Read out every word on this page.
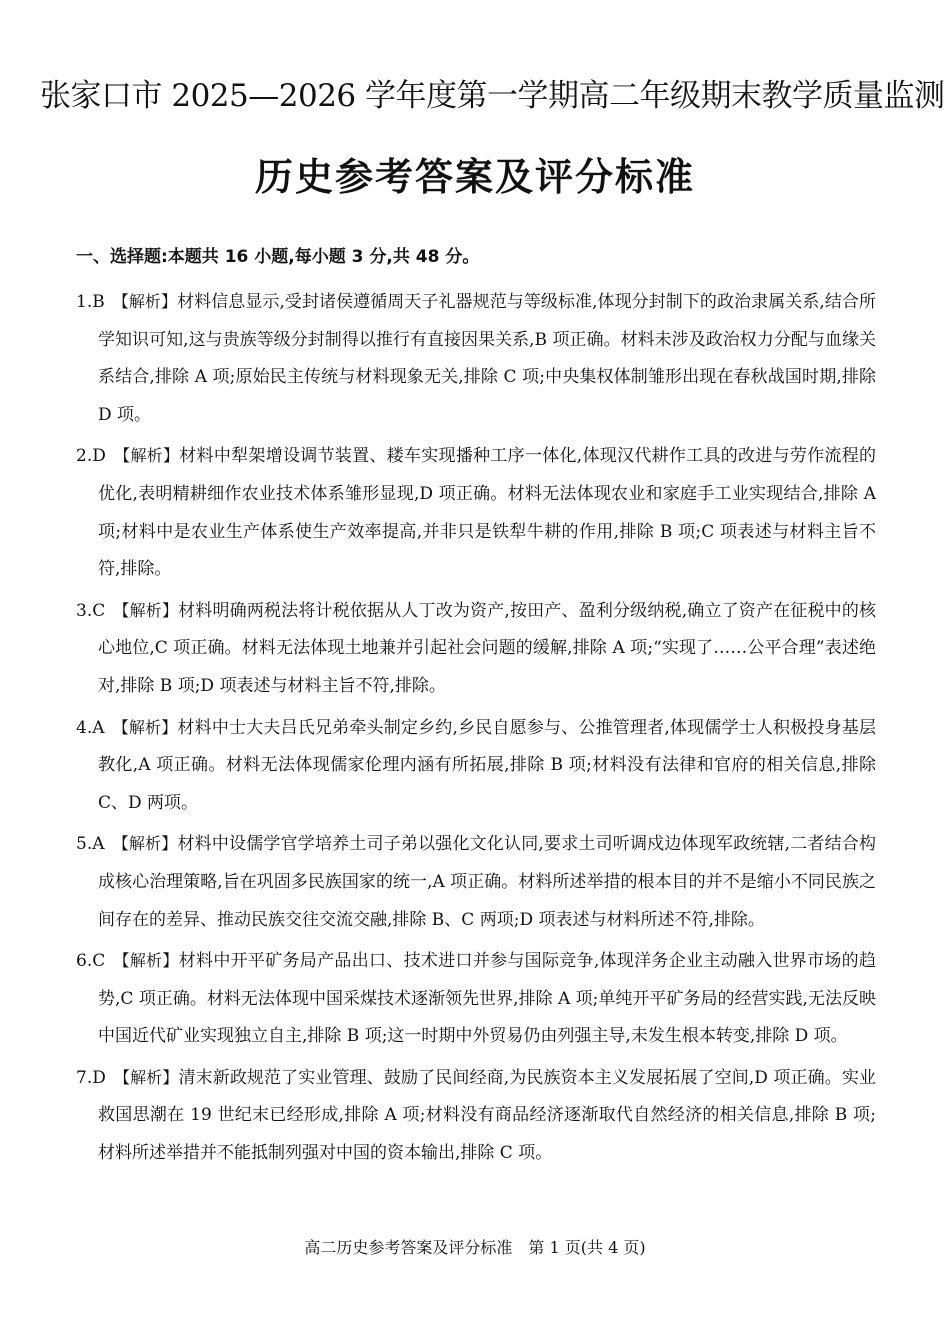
张家口市 2025—2026 学年度第一学期高二年级期末教学质量监测
历史参考答案及评分标准
一、选择题:本题共 16 小题,每小题 3 分,共 48 分。

1.B 【解析】材料信息显示,受封诸侯遵循周天子礼器规范与等级标准,体现分封制下的政治隶属关系,结合所学知识可知,这与贵族等级分封制得以推行有直接因果关系,B 项正确。材料未涉及政治权力分配与血缘关系结合,排除 A 项;原始民主传统与材料现象无关,排除 C 项;中央集权体制雏形出现在春秋战国时期,排除 D 项。

2.D 【解析】材料中犁架增设调节装置、耧车实现播种工序一体化,体现汉代耕作工具的改进与劳作流程的优化,表明精耕细作农业技术体系雏形显现,D 项正确。材料无法体现农业和家庭手工业实现结合,排除 A 项;材料中是农业生产体系使生产效率提高,并非只是铁犁牛耕的作用,排除 B 项;C 项表述与材料主旨不符,排除。

3.C 【解析】材料明确两税法将计税依据从人丁改为资产,按田产、盈利分级纳税,确立了资产在征税中的核心地位,C 项正确。材料无法体现土地兼并引起社会问题的缓解,排除 A 项;“实现了……公平合理”表述绝对,排除 B 项;D 项表述与材料主旨不符,排除。

4.A 【解析】材料中士大夫吕氏兄弟牵头制定乡约,乡民自愿参与、公推管理者,体现儒学士人积极投身基层教化,A 项正确。材料无法体现儒家伦理内涵有所拓展,排除 B 项;材料没有法律和官府的相关信息,排除 C、D 两项。

5.A 【解析】材料中设儒学官学培养土司子弟以强化文化认同,要求土司听调戍边体现军政统辖,二者结合构成核心治理策略,旨在巩固多民族国家的统一,A 项正确。材料所述举措的根本目的并不是缩小不同民族之间存在的差异、推动民族交往交流交融,排除 B、C 两项;D 项表述与材料所述不符,排除。

6.C 【解析】材料中开平矿务局产品出口、技术进口并参与国际竞争,体现洋务企业主动融入世界市场的趋势,C 项正确。材料无法体现中国采煤技术逐渐领先世界,排除 A 项;单纯开平矿务局的经营实践,无法反映中国近代矿业实现独立自主,排除 B 项;这一时期中外贸易仍由列强主导,未发生根本转变,排除 D 项。

7.D 【解析】清末新政规范了实业管理、鼓励了民间经商,为民族资本主义发展拓展了空间,D 项正确。实业救国思潮在 19 世纪末已经形成,排除 A 项;材料没有商品经济逐渐取代自然经济的相关信息,排除 B 项;材料所述举措并不能抵制列强对中国的资本输出,排除 C 项。

高二历史参考答案及评分标准　第 1 页(共 4 页)
